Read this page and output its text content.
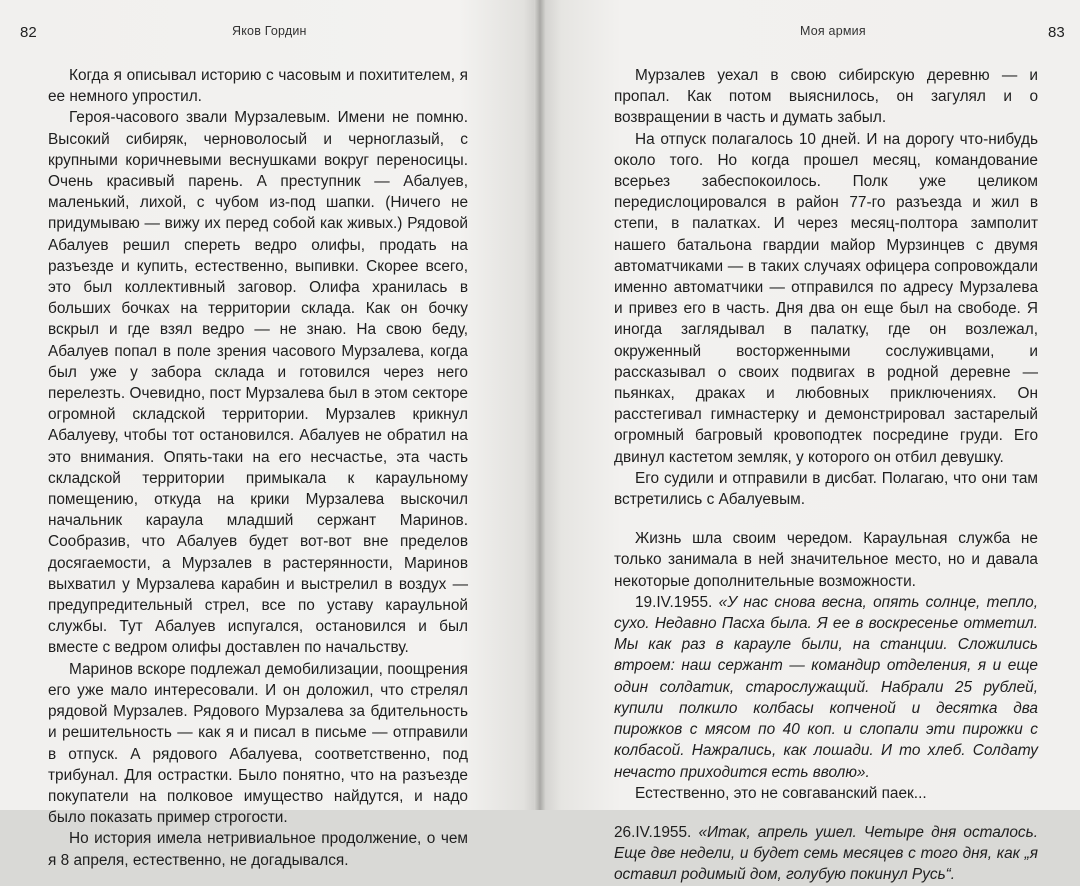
82	Яков Гордин

Когда я описывал историю с часовым и похитителем, я ее немного упростил.

Героя-часового звали Мурзалевым. Имени не помню. Высокий сибиряк, черноволосый и черноглазый, с крупными коричневыми веснушками вокруг переносицы. Очень красивый парень. А преступник — Абалуев, маленький, лихой, с чубом из-под шапки. (Ничего не придумываю — вижу их перед собой как живых.) Рядовой Абалуев решил спереть ведро олифы, продать на разъезде и купить, естественно, выпивки. Скорее всего, это был коллективный заговор. Олифа хранилась в больших бочках на территории склада. Как он бочку вскрыл и где взял ведро — не знаю. На свою беду, Абалуев попал в поле зрения часового Мурзалева, когда был уже у забора склада и готовился через него перелезть. Очевидно, пост Мурзалева был в этом секторе огромной складской территории. Мурзалев крикнул Абалуеву, чтобы тот остановился. Абалуев не обратил на это внимания. Опять-таки на его несчастье, эта часть складской территории примыкала к караульному помещению, откуда на крики Мурзалева выскочил начальник караула младший сержант Маринов. Сообразив, что Абалуев будет вот-вот вне пределов досягаемости, а Мурзалев в растерянности, Маринов выхватил у Мурзалева карабин и выстрелил в воздух — предупредительный стрел, все по уставу караульной службы. Тут Абалуев испугался, остановился и был вместе с ведром олифы доставлен по начальству.

Маринов вскоре подлежал демобилизации, поощрения его уже мало интересовали. И он доложил, что стрелял рядовой Мурзалев. Рядового Мурзалева за бдительность и решительность — как я и писал в письме — отправили в отпуск. А рядового Абалуева, соответственно, под трибунал. Для острастки. Было понятно, что на разъезде покупатели на полковое имущество найдутся, и надо было показать пример строгости.

Но история имела нетривиальное продолжение, о чем я 8 апреля, естественно, не догадывался.

Моя армия	83

Мурзалев уехал в свою сибирскую деревню — и пропал. Как потом выяснилось, он загулял и о возвращении в часть и думать забыл.

На отпуск полагалось 10 дней. И на дорогу что-нибудь около того. Но когда прошел месяц, командование всерьез забеспокоилось. Полк уже целиком передислоцировался в район 77-го разъезда и жил в степи, в палатках. И через месяц-полтора замполит нашего батальона гвардии майор Мурзинцев с двумя автоматчиками — в таких случаях офицера сопровождали именно автоматчики — отправился по адресу Мурзалева и привез его в часть. Дня два он еще был на свободе. Я иногда заглядывал в палатку, где он возлежал, окруженный восторженными сослуживцами, и рассказывал о своих подвигах в родной деревне — пьянках, драках и любовных приключениях. Он расстегивал гимнастерку и демонстрировал застарелый огромный багровый кровоподтек посредине груди. Его двинул кастетом земляк, у которого он отбил девушку.

Его судили и отправили в дисбат. Полагаю, что они там встретились с Абалуевым.

Жизнь шла своим чередом. Караульная служба не только занимала в ней значительное место, но и давала некоторые дополнительные возможности.

19.IV.1955. «У нас снова весна, опять солнце, тепло, сухо. Недавно Пасха была. Я ее в воскресенье отметил. Мы как раз в карауле были, на станции. Сложились втроем: наш сержант — командир отделения, я и еще один солдатик, старослужащий. Набрали 25 рублей, купили полкило колбасы копченой и десятка два пирожков с мясом по 40 коп. и слопали эти пирожки с колбасой. Нажрались, как лошади. И то хлеб. Солдату нечасто приходится есть вволю».

Естественно, это не совгаванский паек...

26.IV.1955. «Итак, апрель ушел. Четыре дня осталось. Еще две недели, и будет семь месяцев с того дня, как „я оставил родимый дом, голубую покинул Русь“.
